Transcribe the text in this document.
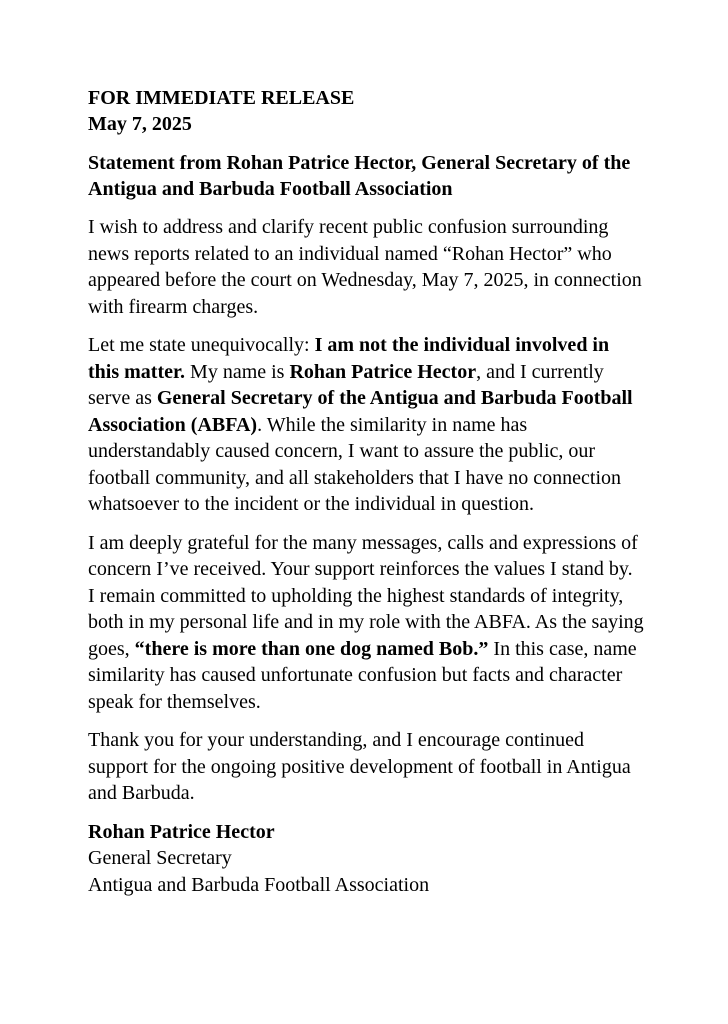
FOR IMMEDIATE RELEASE
May 7, 2025
Statement from Rohan Patrice Hector, General Secretary of the Antigua and Barbuda Football Association

I wish to address and clarify recent public confusion surrounding news reports related to an individual named “Rohan Hector” who appeared before the court on Wednesday, May 7, 2025, in connection with firearm charges.

Let me state unequivocally: I am not the individual involved in this matter. My name is Rohan Patrice Hector, and I currently serve as General Secretary of the Antigua and Barbuda Football Association (ABFA). While the similarity in name has understandably caused concern, I want to assure the public, our football community, and all stakeholders that I have no connection whatsoever to the incident or the individual in question.

I am deeply grateful for the many messages, calls and expressions of concern I’ve received. Your support reinforces the values I stand by. I remain committed to upholding the highest standards of integrity, both in my personal life and in my role with the ABFA. As the saying goes, “there is more than one dog named Bob.” In this case, name similarity has caused unfortunate confusion but facts and character speak for themselves.

Thank you for your understanding, and I encourage continued support for the ongoing positive development of football in Antigua and Barbuda.

Rohan Patrice Hector
General Secretary
Antigua and Barbuda Football Association
